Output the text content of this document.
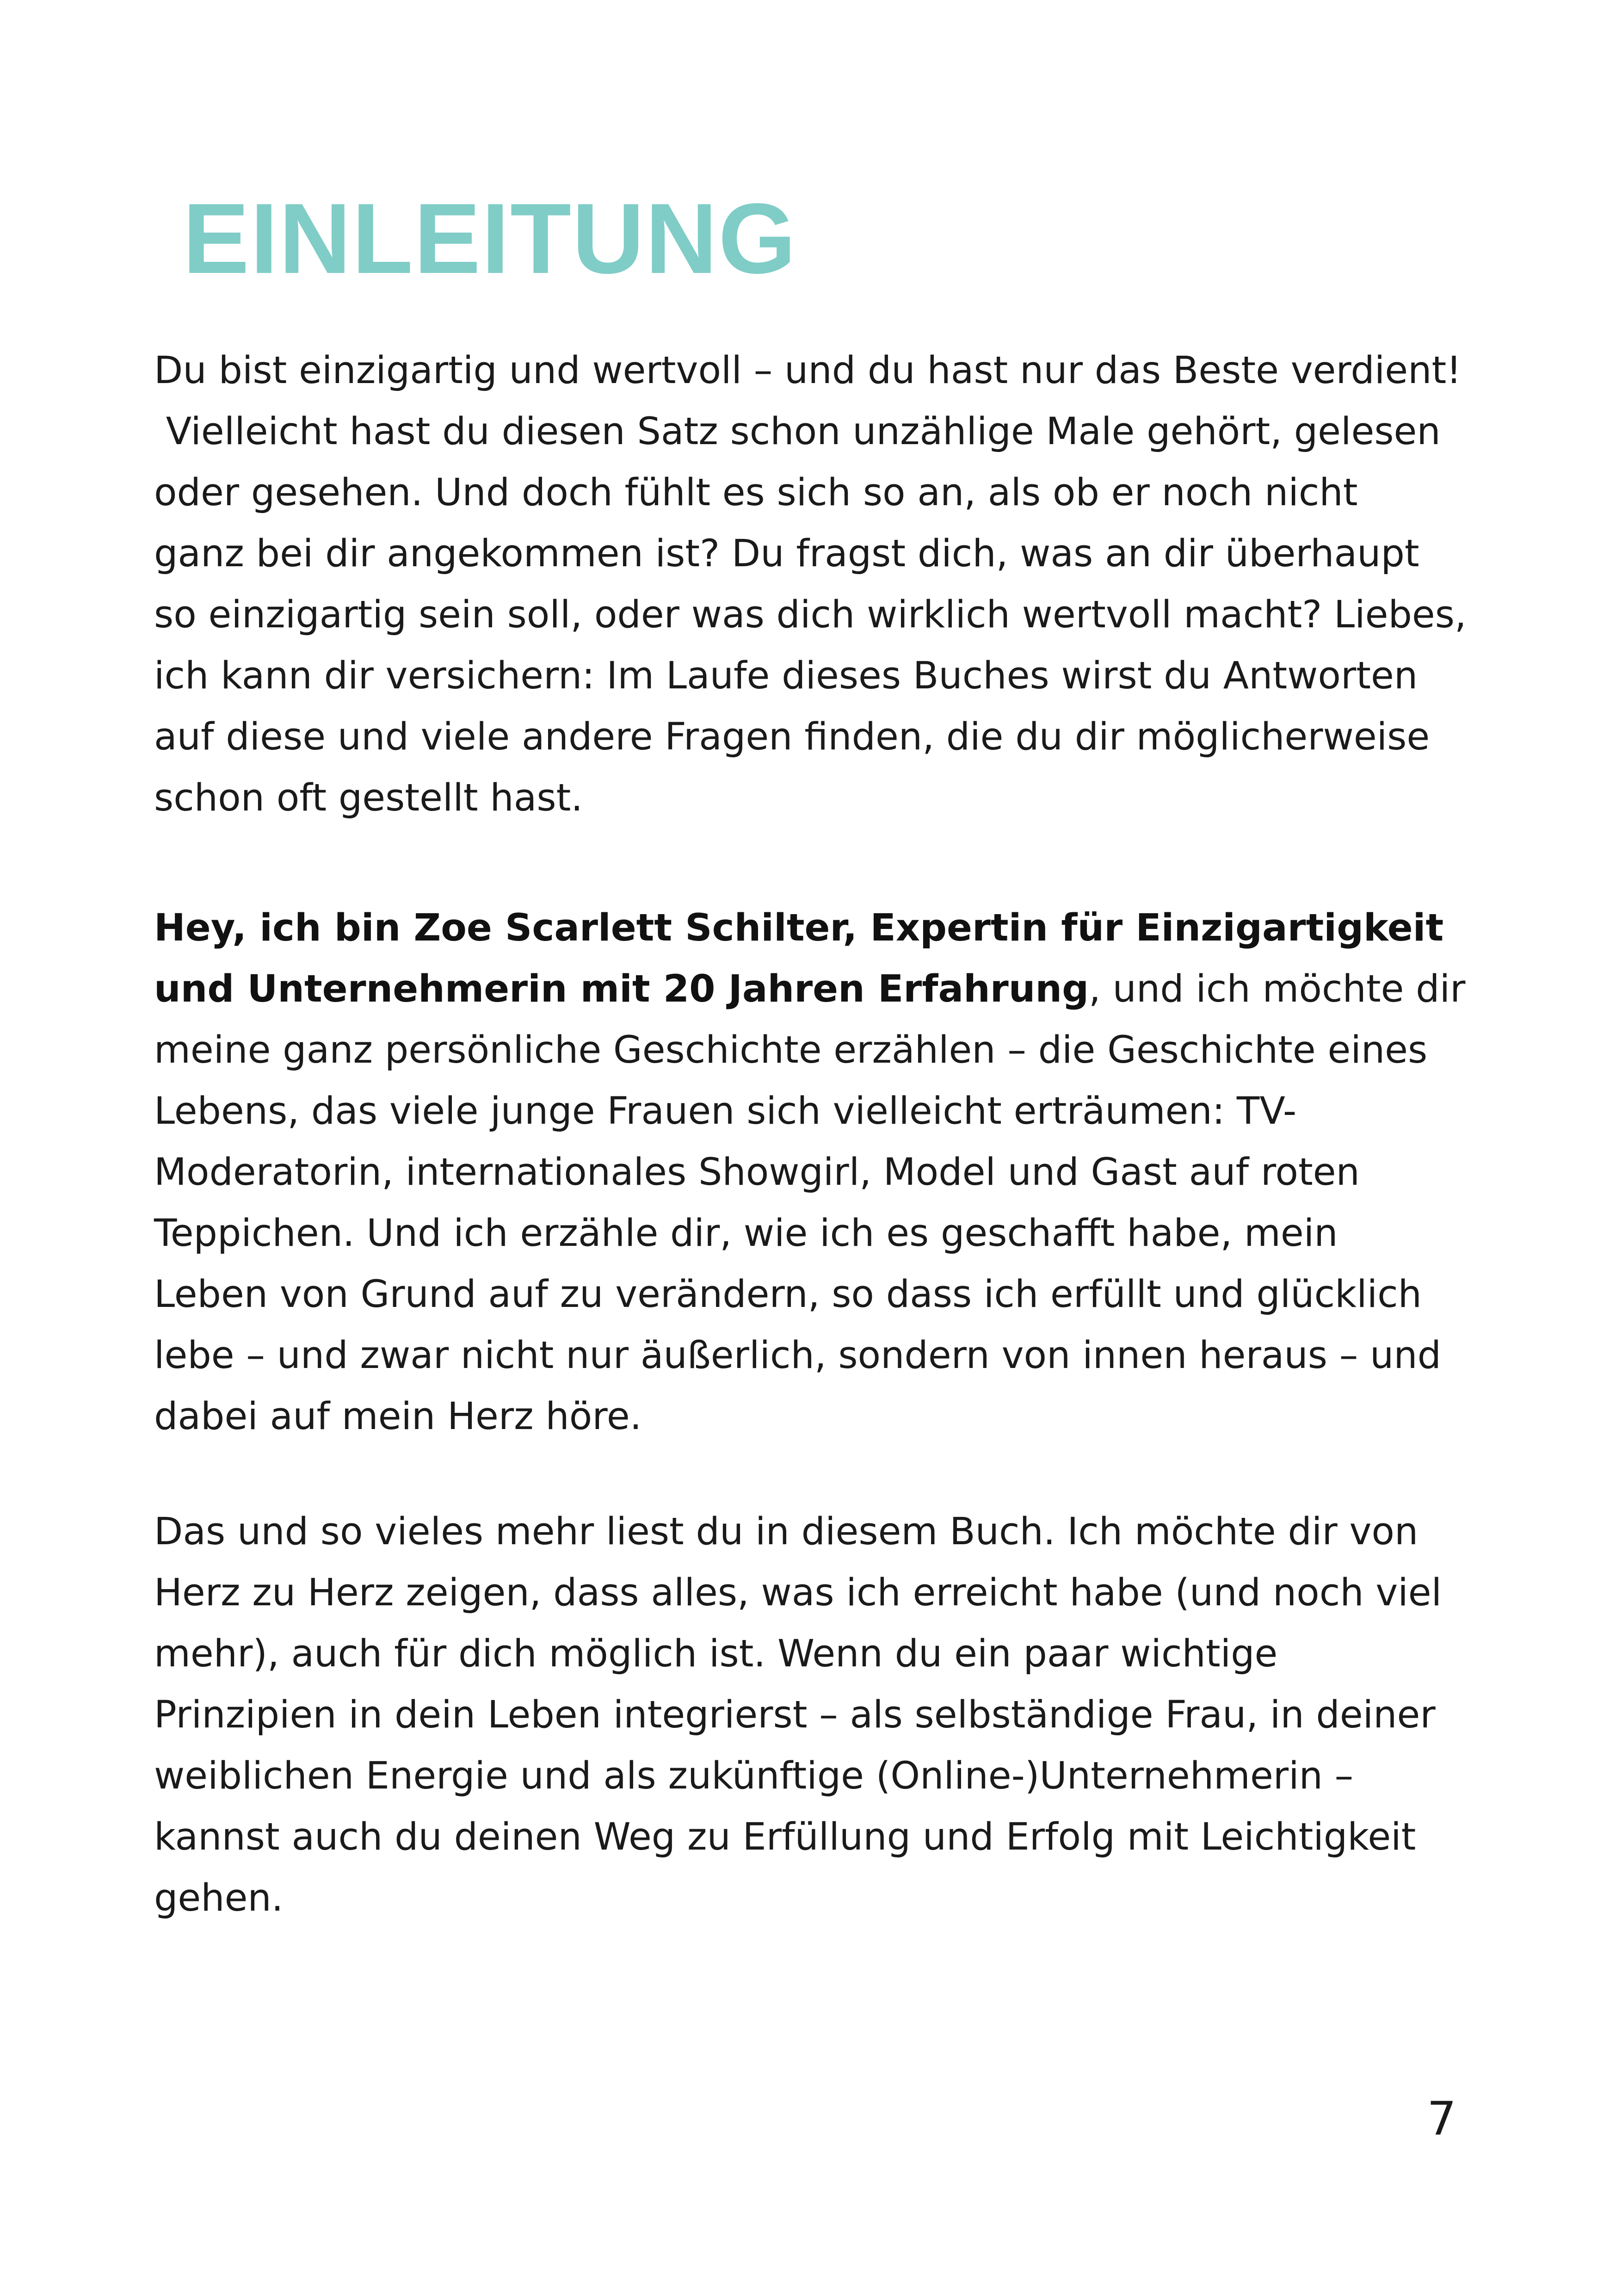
EINLEITUNG

Du bist einzigartig und wertvoll – und du hast nur das Beste verdient!
Vielleicht hast du diesen Satz schon unzählige Male gehört, gelesen
oder gesehen. Und doch fühlt es sich so an, als ob er noch nicht
ganz bei dir angekommen ist? Du fragst dich, was an dir überhaupt
so einzigartig sein soll, oder was dich wirklich wertvoll macht? Liebes,
ich kann dir versichern: Im Laufe dieses Buches wirst du Antworten
auf diese und viele andere Fragen finden, die du dir möglicherweise
schon oft gestellt hast.

Hey, ich bin Zoe Scarlett Schilter, Expertin für Einzigartigkeit
und Unternehmerin mit 20 Jahren Erfahrung, und ich möchte dir
meine ganz persönliche Geschichte erzählen – die Geschichte eines
Lebens, das viele junge Frauen sich vielleicht erträumen: TV-
Moderatorin, internationales Showgirl, Model und Gast auf roten
Teppichen. Und ich erzähle dir, wie ich es geschafft habe, mein
Leben von Grund auf zu verändern, so dass ich erfüllt und glücklich
lebe – und zwar nicht nur äußerlich, sondern von innen heraus – und
dabei auf mein Herz höre.

Das und so vieles mehr liest du in diesem Buch. Ich möchte dir von
Herz zu Herz zeigen, dass alles, was ich erreicht habe (und noch viel
mehr), auch für dich möglich ist. Wenn du ein paar wichtige
Prinzipien in dein Leben integrierst – als selbständige Frau, in deiner
weiblichen Energie und als zukünftige (Online-)Unternehmerin –
kannst auch du deinen Weg zu Erfüllung und Erfolg mit Leichtigkeit
gehen.

7
